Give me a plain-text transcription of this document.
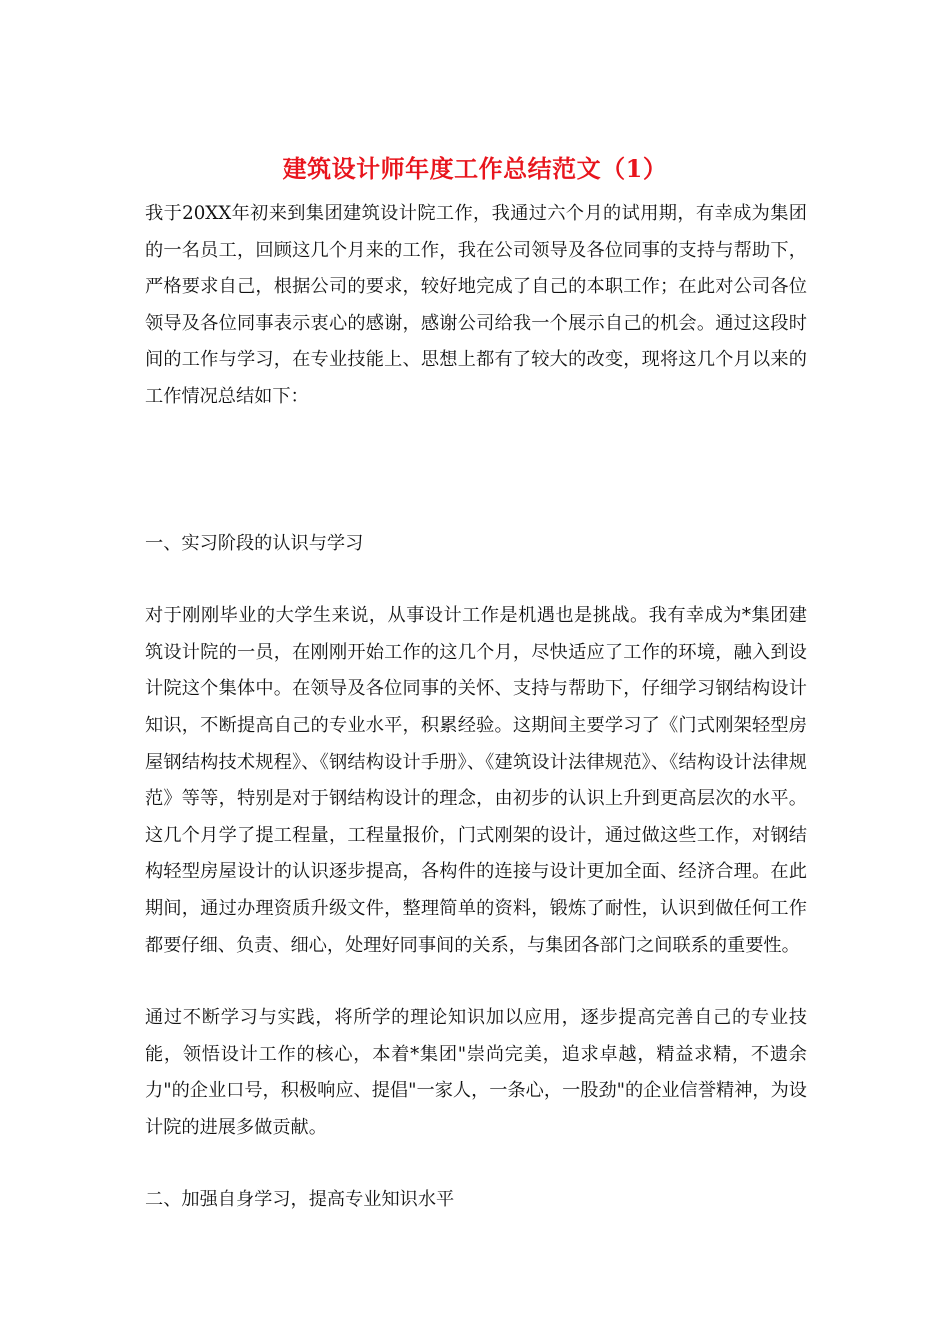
建筑设计师年度工作总结范文（1）

我于20XX年初来到集团建筑设计院工作，我通过六个月的试用期，有幸成为集团的一名员工，回顾这几个月来的工作，我在公司领导及各位同事的支持与帮助下，严格要求自己，根据公司的要求，较好地完成了自己的本职工作；在此对公司各位领导及各位同事表示衷心的感谢，感谢公司给我一个展示自己的机会。通过这段时间的工作与学习，在专业技能上、思想上都有了较大的改变，现将这几个月以来的工作情况总结如下：

一、实习阶段的认识与学习

对于刚刚毕业的大学生来说，从事设计工作是机遇也是挑战。我有幸成为*集团建筑设计院的一员，在刚刚开始工作的这几个月，尽快适应了工作的环境，融入到设计院这个集体中。在领导及各位同事的关怀、支持与帮助下，仔细学习钢结构设计知识，不断提高自己的专业水平，积累经验。这期间主要学习了《门式刚架轻型房屋钢结构技术规程》、《钢结构设计手册》、《建筑设计法律规范》、《结构设计法律规范》等等，特别是对于钢结构设计的理念，由初步的认识上升到更高层次的水平。这几个月学了提工程量，工程量报价，门式刚架的设计，通过做这些工作，对钢结构轻型房屋设计的认识逐步提高，各构件的连接与设计更加全面、经济合理。在此期间，通过办理资质升级文件，整理简单的资料，锻炼了耐性，认识到做任何工作都要仔细、负责、细心，处理好同事间的关系，与集团各部门之间联系的重要性。

通过不断学习与实践，将所学的理论知识加以应用，逐步提高完善自己的专业技能，领悟设计工作的核心，本着*集团"崇尚完美，追求卓越，精益求精，不遗余力"的企业口号，积极响应、提倡"一家人，一条心，一股劲"的企业信誉精神，为设计院的进展多做贡献。

二、加强自身学习，提高专业知识水平
